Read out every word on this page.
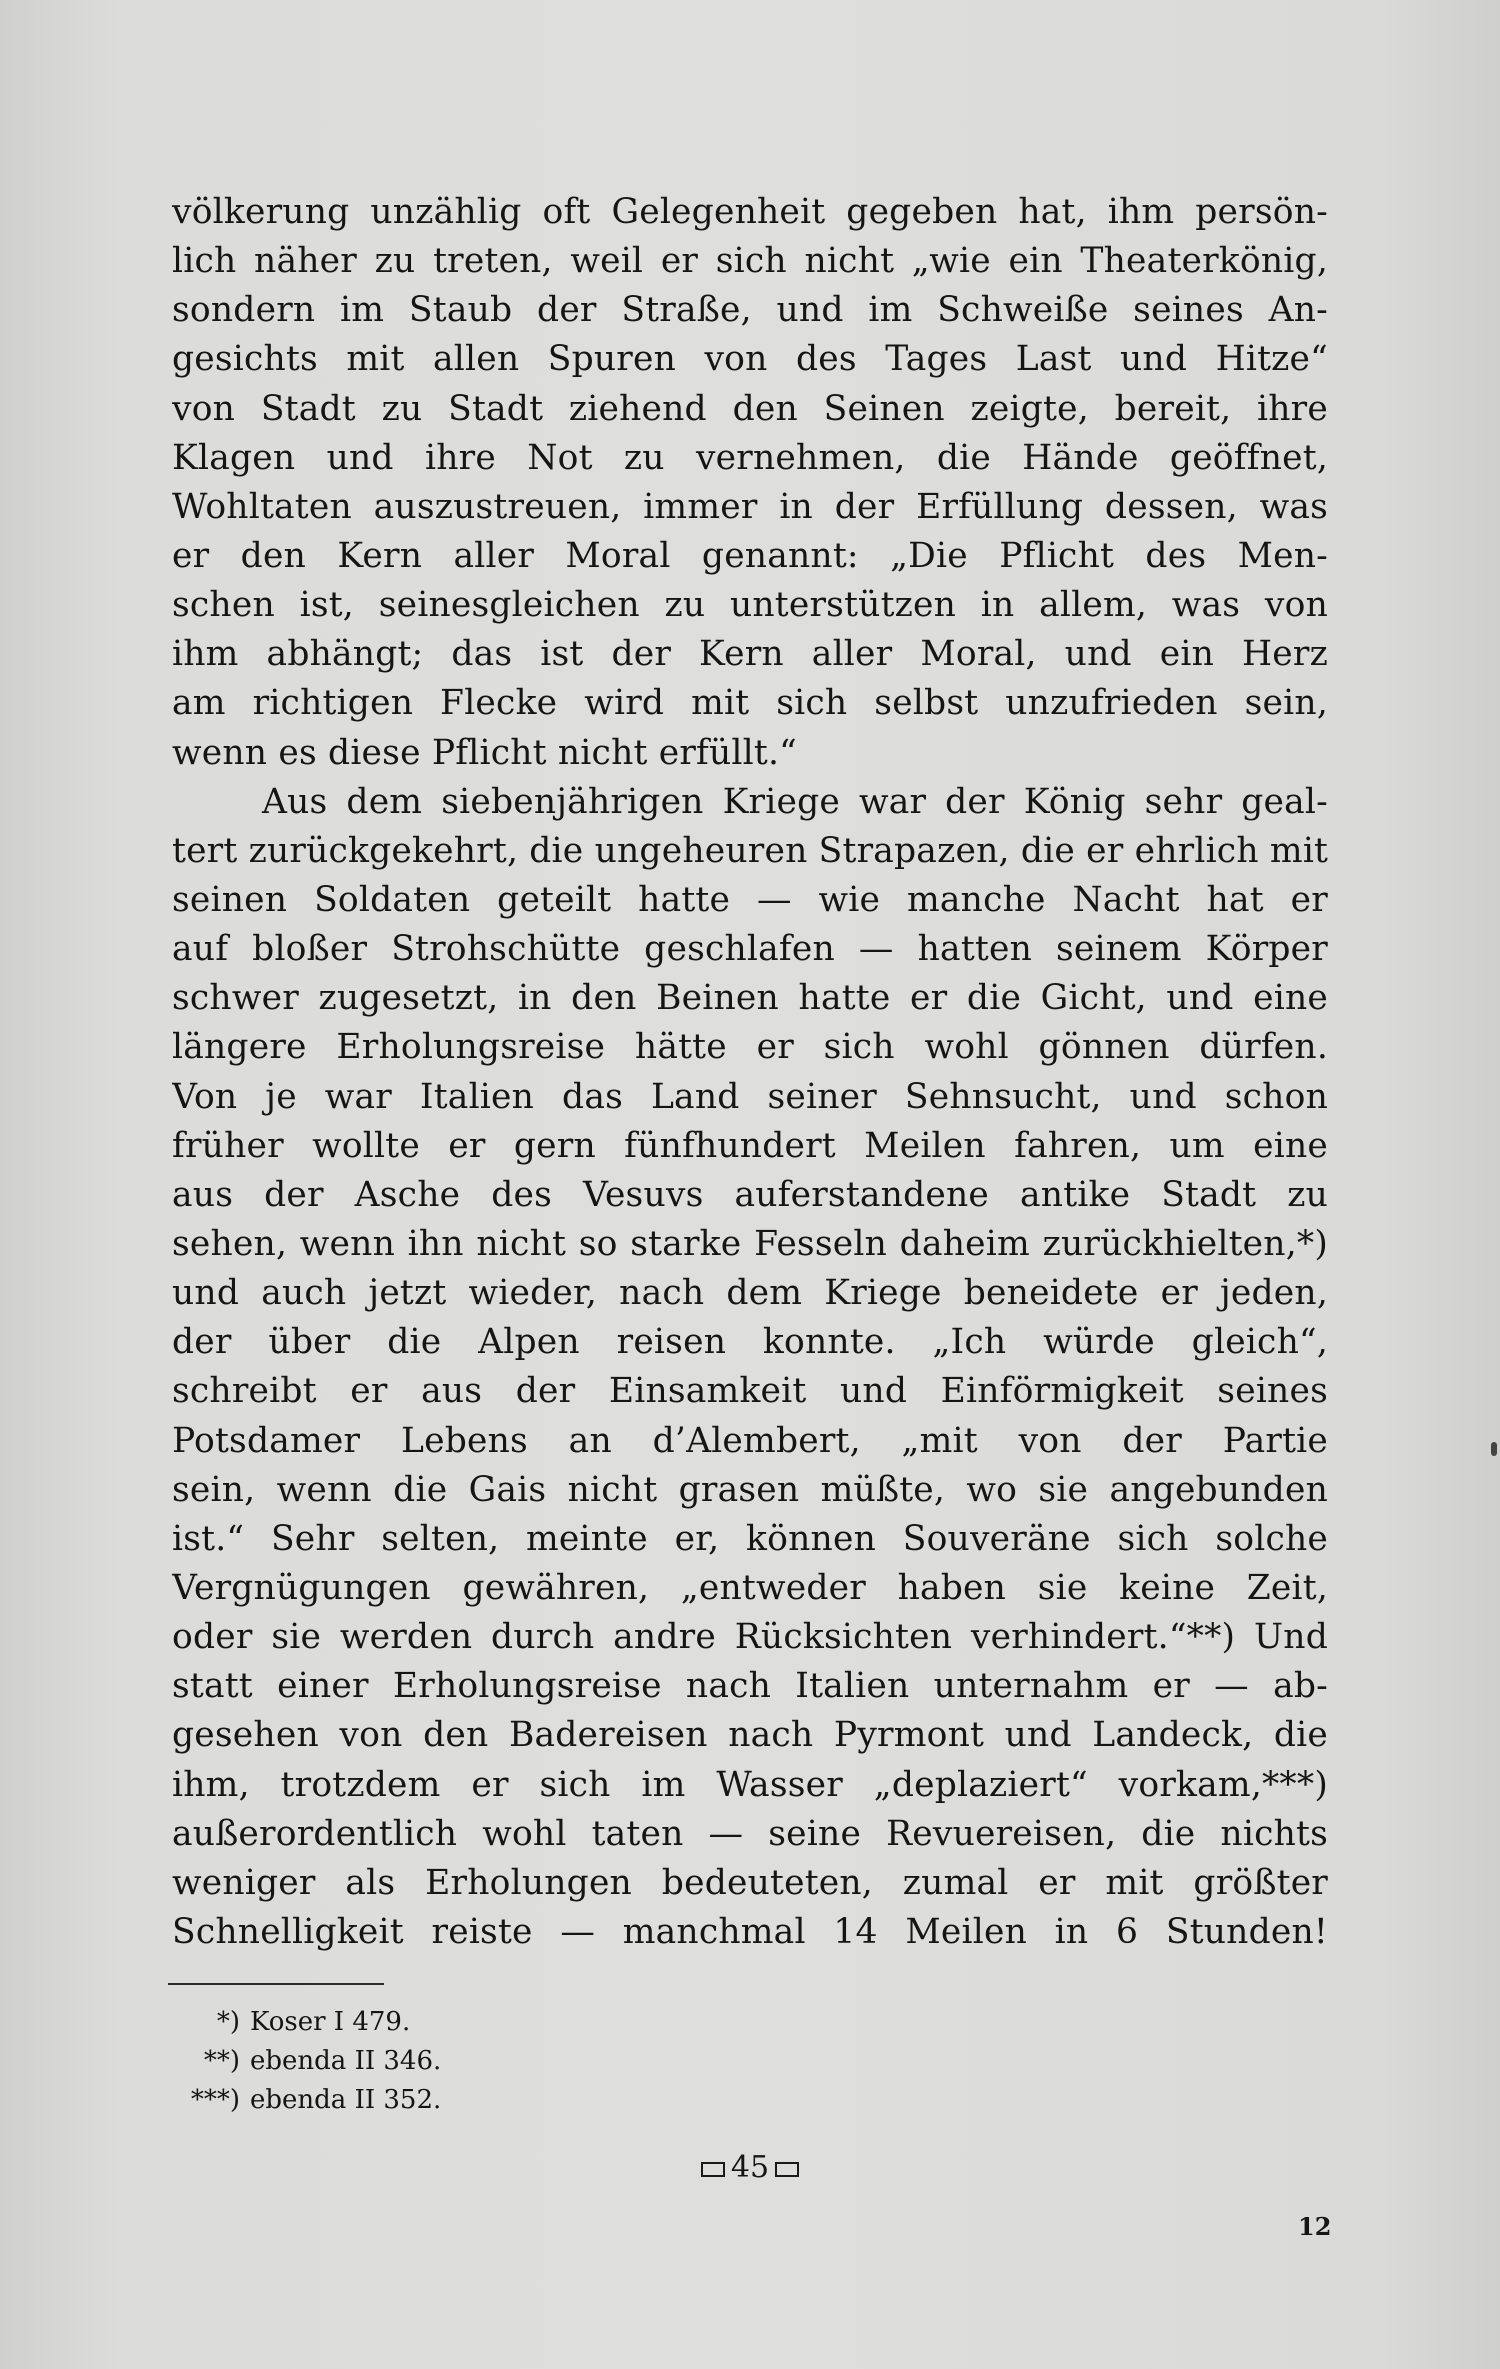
völkerung unzählig oft Gelegenheit gegeben hat, ihm persön-
lich näher zu treten, weil er sich nicht „wie ein Theaterkönig,
sondern im Staub der Straße, und im Schweiße seines An-
gesichts mit allen Spuren von des Tages Last und Hitze“
von Stadt zu Stadt ziehend den Seinen zeigte, bereit, ihre
Klagen und ihre Not zu vernehmen, die Hände geöffnet,
Wohltaten auszustreuen, immer in der Erfüllung dessen, was
er den Kern aller Moral genannt: „Die Pflicht des Men-
schen ist, seinesgleichen zu unterstützen in allem, was von
ihm abhängt; das ist der Kern aller Moral, und ein Herz
am richtigen Flecke wird mit sich selbst unzufrieden sein,
wenn es diese Pflicht nicht erfüllt.“
Aus dem siebenjährigen Kriege war der König sehr geal-
tert zurückgekehrt, die ungeheuren Strapazen, die er ehrlich mit
seinen Soldaten geteilt hatte — wie manche Nacht hat er
auf bloßer Strohschütte geschlafen — hatten seinem Körper
schwer zugesetzt, in den Beinen hatte er die Gicht, und eine
längere Erholungsreise hätte er sich wohl gönnen dürfen.
Von je war Italien das Land seiner Sehnsucht, und schon
früher wollte er gern fünfhundert Meilen fahren, um eine
aus der Asche des Vesuvs auferstandene antike Stadt zu
sehen, wenn ihn nicht so starke Fesseln daheim zurückhielten,*)
und auch jetzt wieder, nach dem Kriege beneidete er jeden,
der über die Alpen reisen konnte. „Ich würde gleich“,
schreibt er aus der Einsamkeit und Einförmigkeit seines
Potsdamer Lebens an d’Alembert, „mit von der Partie
sein, wenn die Gais nicht grasen müßte, wo sie angebunden
ist.“ Sehr selten, meinte er, können Souveräne sich solche
Vergnügungen gewähren, „entweder haben sie keine Zeit,
oder sie werden durch andre Rücksichten verhindert.“**) Und
statt einer Erholungsreise nach Italien unternahm er — ab-
gesehen von den Badereisen nach Pyrmont und Landeck, die
ihm, trotzdem er sich im Wasser „deplaziert“ vorkam,***)
außerordentlich wohl taten — seine Revuereisen, die nichts
weniger als Erholungen bedeuteten, zumal er mit größter
Schnelligkeit reiste — manchmal 14 Meilen in 6 Stunden!
*) Koser I 479.
**) ebenda II 346.
***) ebenda II 352.
45
12
